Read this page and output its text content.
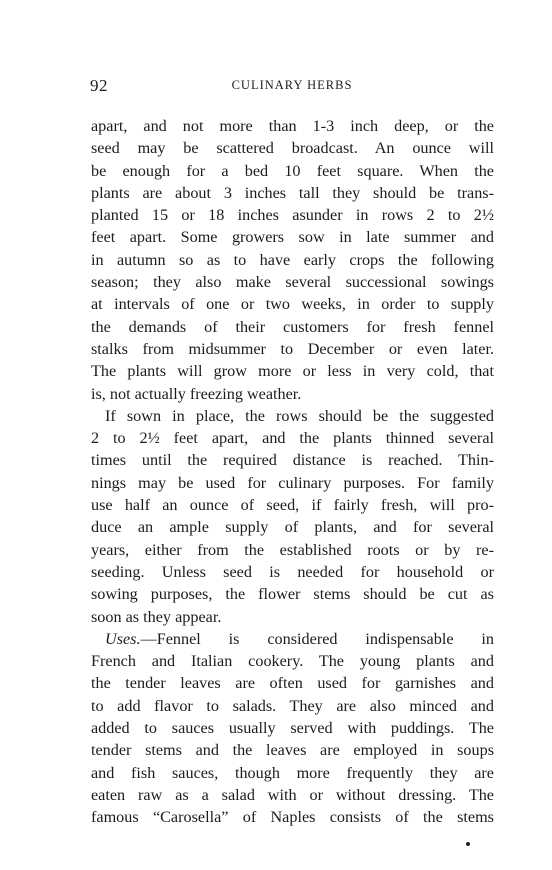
92	CULINARY HERBS
apart, and not more than 1-3 inch deep, or the
seed may be scattered broadcast. An ounce will
be enough for a bed 10 feet square. When the
plants are about 3 inches tall they should be trans-
planted 15 or 18 inches asunder in rows 2 to 2½
feet apart. Some growers sow in late summer and
in autumn so as to have early crops the following
season; they also make several successional sowings
at intervals of one or two weeks, in order to supply
the demands of their customers for fresh fennel
stalks from midsummer to December or even later.
The plants will grow more or less in very cold, that
is, not actually freezing weather.
If sown in place, the rows should be the suggested
2 to 2½ feet apart, and the plants thinned several
times until the required distance is reached. Thin-
nings may be used for culinary purposes. For family
use half an ounce of seed, if fairly fresh, will pro-
duce an ample supply of plants, and for several
years, either from the established roots or by re-
seeding. Unless seed is needed for household or
sowing purposes, the flower stems should be cut as
soon as they appear.
Uses.—Fennel is considered indispensable in
French and Italian cookery. The young plants and
the tender leaves are often used for garnishes and
to add flavor to salads. They are also minced and
added to sauces usually served with puddings. The
tender stems and the leaves are employed in soups
and fish sauces, though more frequently they are
eaten raw as a salad with or without dressing. The
famous “Carosella” of Naples consists of the stems
